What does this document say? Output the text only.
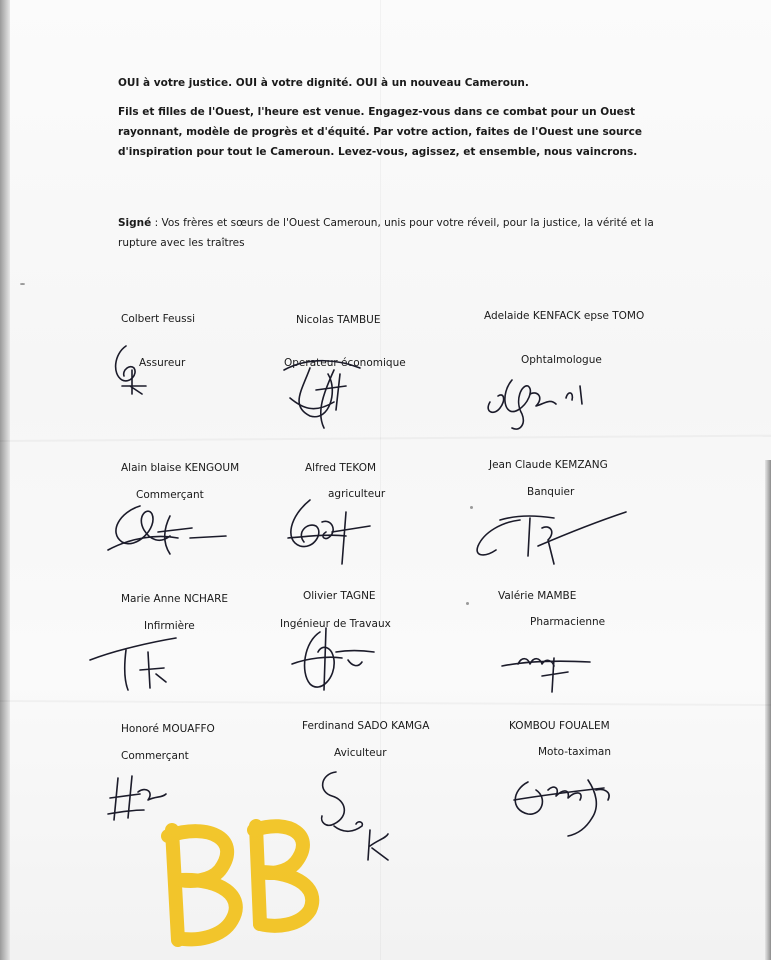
OUI à votre justice. OUI à votre dignité. OUI à un nouveau Cameroun.

Fils et filles de l'Ouest, l'heure est venue. Engagez-vous dans ce combat pour un Ouest rayonnant, modèle de progrès et d'équité. Par votre action, faites de l'Ouest une source d'inspiration pour tout le Cameroun. Levez-vous, agissez, et ensemble, nous vaincrons.

Signé : Vos frères et sœurs de l'Ouest Cameroun, unis pour votre réveil, pour la justice, la vérité et la rupture avec les traîtres

Colbert Feussi
Assureur
Nicolas TAMBUE
Operateur économique
Adelaide KENFACK epse TOMO
Ophtalmologue
Alain blaise KENGOUM
Commerçant
Alfred TEKOM
agriculteur
Jean Claude KEMZANG
Banquier
Marie Anne NCHARE
Infirmière
Olivier TAGNE
Ingénieur de Travaux
Valérie MAMBE
Pharmacienne
Honoré MOUAFFO
Commerçant
Ferdinand SADO KAMGA
Aviculteur
KOMBOU FOUALEM
Moto-taximan
